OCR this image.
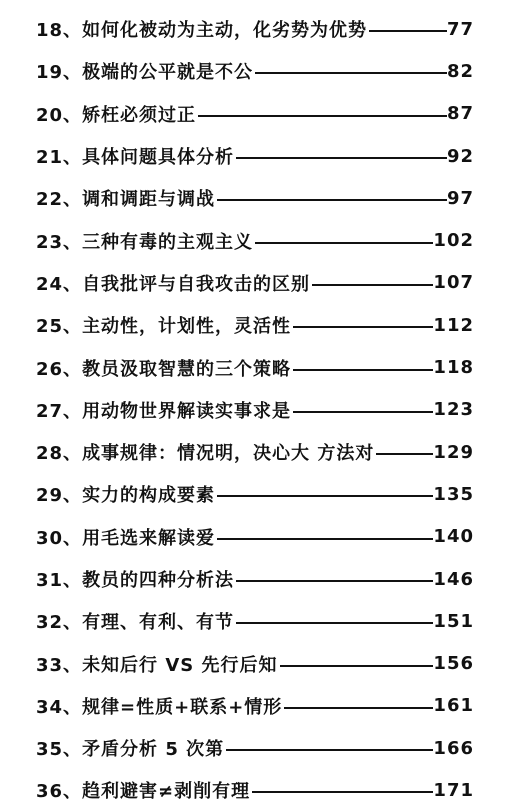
18、 如何化被动为主动，化劣势为优势	77
19、 极端的公平就是不公	82
20、 矫枉必须过正	87
21、 具体问题具体分析	92
22、 调和调距与调战	97
23、 三种有毒的主观主义	102
24、 自我批评与自我攻击的区别	107
25、 主动性，计划性，灵活性	112
26、 教员汲取智慧的三个策略	118
27、 用动物世界解读实事求是	123
28、 成事规律：情况明，决心大 方法对	129
29、 实力的构成要素	135
30、 用毛选来解读爱	140
31、 教员的四种分析法	146
32、 有理、有利、有节	151
33、 未知后行 VS 先行后知	156
34、 规律=性质+联系+情形	161
35、 矛盾分析 5 次第	166
36、 趋利避害≠剥削有理	171
